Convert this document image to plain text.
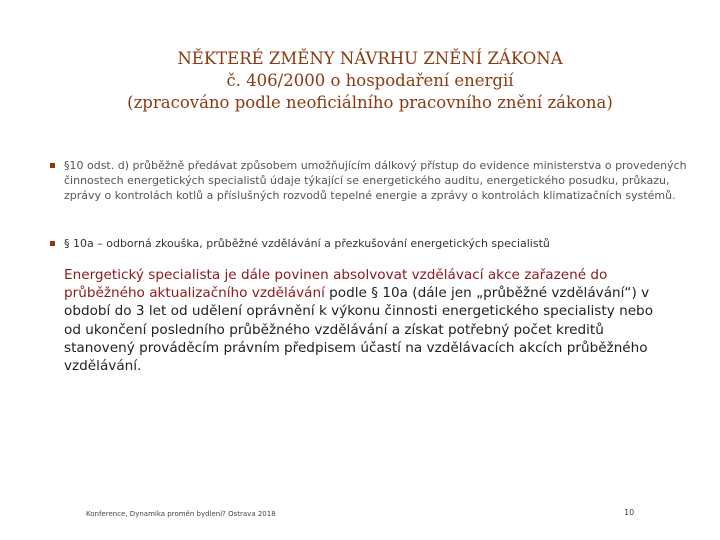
NĚKTERÉ ZMĚNY NÁVRHU ZNĚNÍ ZÁKONA
č. 406/2000 o hospodaření energií
(zpracováno podle neoficiálního pracovního znění zákona)
§10 odst. d) průběžně předávat způsobem umožňujícím dálkový přístup do evidence ministerstva o provedených činnostech energetických specialistů údaje týkající se energetického auditu, energetického posudku, průkazu, zprávy o kontrolách kotlů a příslušných rozvodů tepelné energie a zprávy o kontrolách klimatizačních systémů.
§ 10a – odborná zkouška, průběžné vzdělávání a přezkušování energetických specialistů
Energetický specialista je dále povinen absolvovat vzdělávací akce zařazené do průběžného aktualizačního vzdělávání podle § 10a (dále jen „průběžné vzdělávání“) v období do 3 let od udělení oprávnění k výkonu činnosti energetického specialisty nebo od ukončení posledního průběžného vzdělávání a získat potřebný počet kreditů stanovený prováděcím právním předpisem účastí na vzdělávacích akcích průběžného vzdělávání.
Konference, Dynamika proměn bydlení? Ostrava 2018	10
